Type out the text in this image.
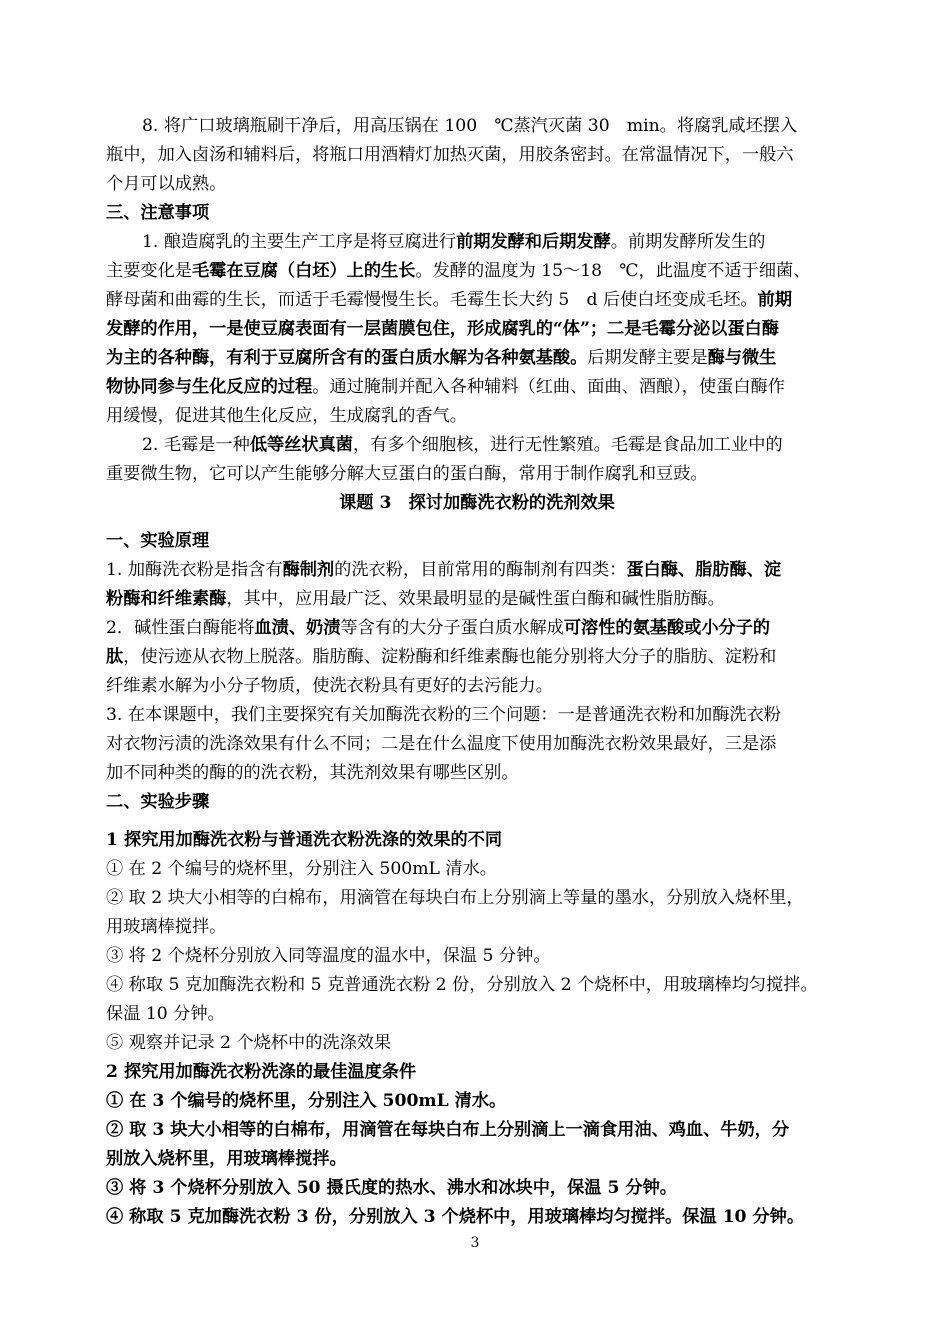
8. 将广口玻璃瓶刷干净后，用高压锅在 100　℃蒸汽灭菌 30　min。将腐乳咸坯摆入
瓶中，加入卤汤和辅料后，将瓶口用酒精灯加热灭菌，用胶条密封。在常温情况下，一般六
个月可以成熟。
三、注意事项
1. 酿造腐乳的主要生产工序是将豆腐进行前期发酵和后期发酵。前期发酵所发生的
主要变化是毛霉在豆腐（白坯）上的生长。发酵的温度为 15～18　℃，此温度不适于细菌、
酵母菌和曲霉的生长，而适于毛霉慢慢生长。毛霉生长大约 5　d 后使白坯变成毛坯。前期
发酵的作用，一是使豆腐表面有一层菌膜包住，形成腐乳的“体”；二是毛霉分泌以蛋白酶
为主的各种酶，有利于豆腐所含有的蛋白质水解为各种氨基酸。后期发酵主要是酶与微生
物协同参与生化反应的过程。通过腌制并配入各种辅料（红曲、面曲、酒酿），使蛋白酶作
用缓慢，促进其他生化反应，生成腐乳的香气。
2. 毛霉是一种低等丝状真菌，有多个细胞核，进行无性繁殖。毛霉是食品加工业中的
重要微生物，它可以产生能够分解大豆蛋白的蛋白酶，常用于制作腐乳和豆豉。
课题 3　探讨加酶洗衣粉的洗剂效果
一、实验原理
1. 加酶洗衣粉是指含有酶制剂的洗衣粉，目前常用的酶制剂有四类：蛋白酶、脂肪酶、淀
粉酶和纤维素酶，其中，应用最广泛、效果最明显的是碱性蛋白酶和碱性脂肪酶。
2．碱性蛋白酶能将血渍、奶渍等含有的大分子蛋白质水解成可溶性的氨基酸或小分子的
肽，使污迹从衣物上脱落。脂肪酶、淀粉酶和纤维素酶也能分别将大分子的脂肪、淀粉和
纤维素水解为小分子物质，使洗衣粉具有更好的去污能力。
3. 在本课题中，我们主要探究有关加酶洗衣粉的三个问题：一是普通洗衣粉和加酶洗衣粉
对衣物污渍的洗涤效果有什么不同；二是在什么温度下使用加酶洗衣粉效果最好，三是添
加不同种类的酶的的洗衣粉，其洗剂效果有哪些区别。
二、实验步骤
1 探究用加酶洗衣粉与普通洗衣粉洗涤的效果的不同
① 在 2 个编号的烧杯里，分别注入 500mL 清水。
② 取 2 块大小相等的白棉布，用滴管在每块白布上分别滴上等量的墨水，分别放入烧杯里，
用玻璃棒搅拌。
③ 将 2 个烧杯分别放入同等温度的温水中，保温 5 分钟。
④ 称取 5 克加酶洗衣粉和 5 克普通洗衣粉 2 份，分别放入 2 个烧杯中，用玻璃棒均匀搅拌。
保温 10 分钟。
⑤ 观察并记录 2 个烧杯中的洗涤效果
2 探究用加酶洗衣粉洗涤的最佳温度条件
① 在 3 个编号的烧杯里，分别注入 500mL 清水。
② 取 3 块大小相等的白棉布，用滴管在每块白布上分别滴上一滴食用油、鸡血、牛奶，分
别放入烧杯里，用玻璃棒搅拌。
③ 将 3 个烧杯分别放入 50 摄氏度的热水、沸水和冰块中，保温 5 分钟。
④ 称取 5 克加酶洗衣粉 3 份，分别放入 3 个烧杯中，用玻璃棒均匀搅拌。保温 10 分钟。
3
